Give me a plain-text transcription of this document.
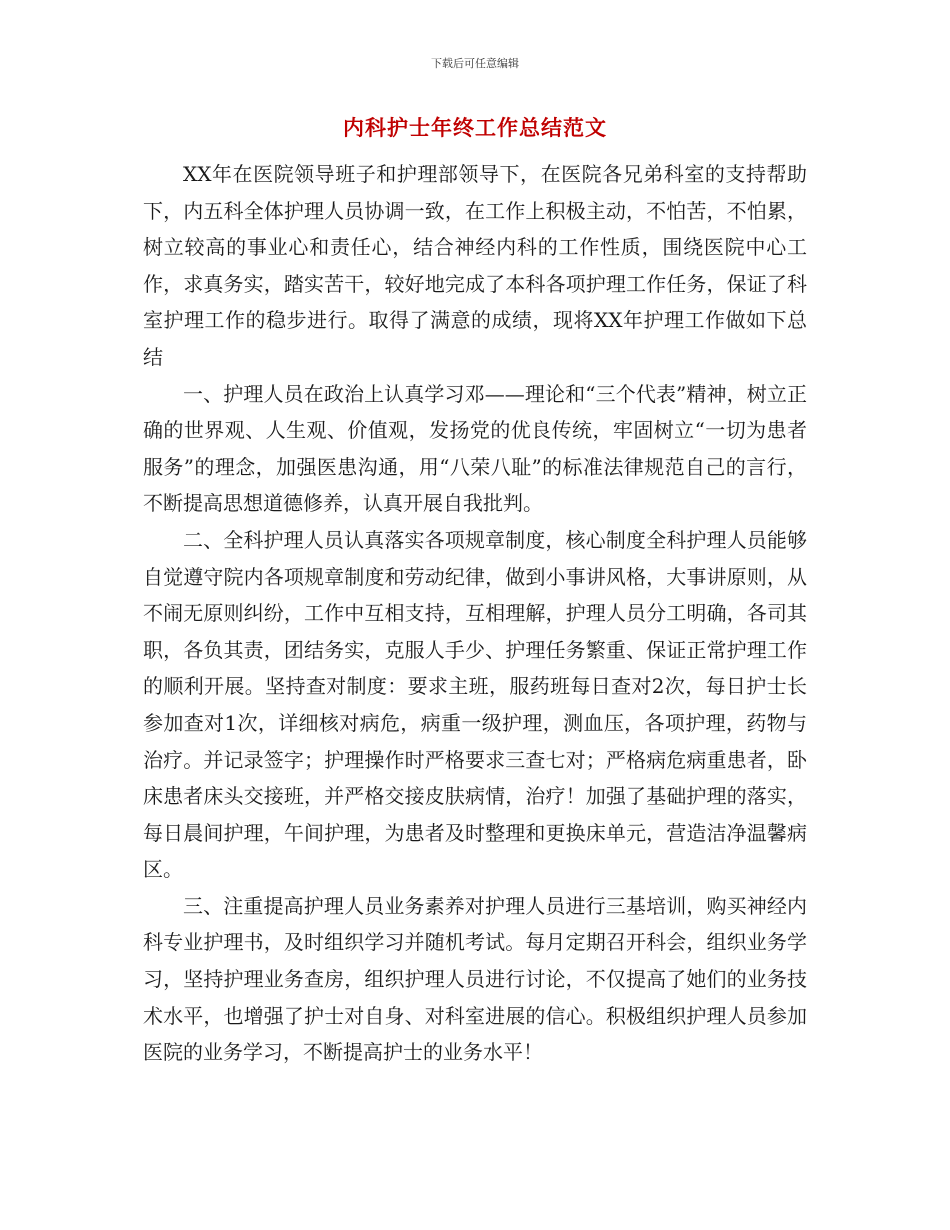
下载后可任意编辑
内科护士年终工作总结范文

XX年在医院领导班子和护理部领导下，在医院各兄弟科室的支持帮助下，内五科全体护理人员协调一致，在工作上积极主动，不怕苦，不怕累，树立较高的事业心和责任心，结合神经内科的工作性质，围绕医院中心工作，求真务实，踏实苦干，较好地完成了本科各项护理工作任务，保证了科室护理工作的稳步进行。取得了满意的成绩，现将XX年护理工作做如下总结

一、护理人员在政治上认真学习邓——理论和“三个代表”精神，树立正确的世界观、人生观、价值观，发扬党的优良传统，牢固树立“一切为患者服务”的理念，加强医患沟通，用“八荣八耻”的标准法律规范自己的言行，不断提高思想道德修养，认真开展自我批判。

二、全科护理人员认真落实各项规章制度，核心制度全科护理人员能够自觉遵守院内各项规章制度和劳动纪律，做到小事讲风格，大事讲原则，从不闹无原则纠纷，工作中互相支持，互相理解，护理人员分工明确，各司其职，各负其责，团结务实，克服人手少、护理任务繁重、保证正常护理工作的顺利开展。坚持查对制度：要求主班，服药班每日查对2次，每日护士长参加查对1次，详细核对病危，病重一级护理，测血压，各项护理，药物与治疗。并记录签字；护理操作时严格要求三查七对；严格病危病重患者，卧床患者床头交接班，并严格交接皮肤病情，治疗！加强了基础护理的落实，每日晨间护理，午间护理，为患者及时整理和更换床单元，营造洁净温馨病区。

三、注重提高护理人员业务素养对护理人员进行三基培训，购买神经内科专业护理书，及时组织学习并随机考试。每月定期召开科会，组织业务学习，坚持护理业务查房，组织护理人员进行讨论，不仅提高了她们的业务技术水平，也增强了护士对自身、对科室进展的信心。积极组织护理人员参加医院的业务学习，不断提高护士的业务水平！
